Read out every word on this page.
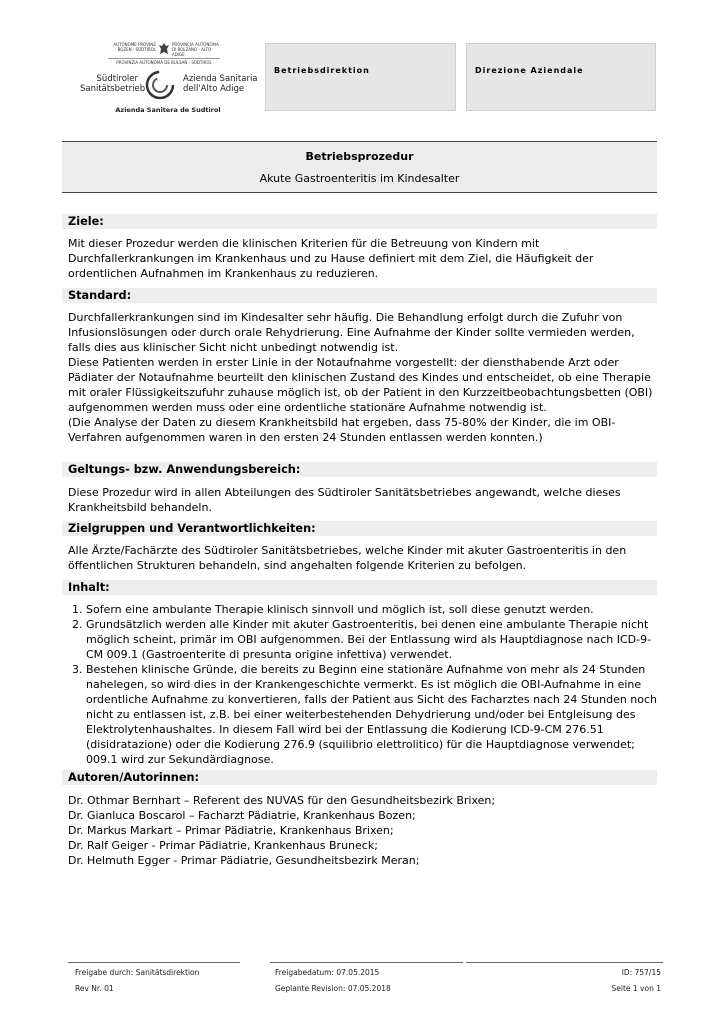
AUTONOME PROVINZ BOZEN - SÜDTIROL
PROVINCIA AUTONOMA DI BOLZANO - ALTO ADIGE
PROVINZIA AUTONOMA DE BULSAN - SÜDTIROL
Südtiroler Sanitätsbetrieb
Azienda Sanitaria dell'Alto Adige
Azienda Sanitera de Sudtirol
Betriebsdirektion	Direzione Aziendale
Betriebsprozedur
Akute Gastroenteritis im Kindesalter
Ziele:

Mit dieser Prozedur werden die klinischen Kriterien für die Betreuung von Kindern mit Durchfallerkrankungen im Krankenhaus und zu Hause definiert mit dem Ziel, die Häufigkeit der ordentlichen Aufnahmen im Krankenhaus zu reduzieren.

Standard:

Durchfallerkrankungen sind im Kindesalter sehr häufig. Die Behandlung erfolgt durch die Zufuhr von Infusionslösungen oder durch orale Rehydrierung. Eine Aufnahme der Kinder sollte vermieden werden, falls dies aus klinischer Sicht nicht unbedingt notwendig ist.

Diese Patienten werden in erster Linie in der Notaufnahme vorgestellt: der diensthabende Arzt oder Pädiater der Notaufnahme beurteilt den klinischen Zustand des Kindes und entscheidet, ob eine Therapie mit oraler Flüssigkeitszufuhr zuhause möglich ist, ob der Patient in den Kurzzeitbeobachtungsbetten (OBI) aufgenommen werden muss oder eine ordentliche stationäre Aufnahme notwendig ist.

(Die Analyse der Daten zu diesem Krankheitsbild hat ergeben, dass 75-80% der Kinder, die im OBI-Verfahren aufgenommen waren in den ersten 24 Stunden entlassen werden konnten.)

Geltungs- bzw. Anwendungsbereich:

Diese Prozedur wird in allen Abteilungen des Südtiroler Sanitätsbetriebes angewandt, welche dieses Krankheitsbild behandeln.

Zielgruppen und Verantwortlichkeiten:

Alle Ärzte/Fachärzte des Südtiroler Sanitätsbetriebes, welche Kinder mit akuter Gastroenteritis in den öffentlichen Strukturen behandeln, sind angehalten folgende Kriterien zu befolgen.

Inhalt:
1. Sofern eine ambulante Therapie klinisch sinnvoll und möglich ist, soll diese genutzt werden.
2. Grundsätzlich werden alle Kinder mit akuter Gastroenteritis, bei denen eine ambulante Therapie nicht möglich scheint, primär im OBI aufgenommen. Bei der Entlassung wird als Hauptdiagnose nach ICD-9-CM 009.1 (Gastroenterite di presunta origine infettiva) verwendet.
3. Bestehen klinische Gründe, die bereits zu Beginn eine stationäre Aufnahme von mehr als 24 Stunden nahelegen, so wird dies in der Krankengeschichte vermerkt. Es ist möglich die OBI-Aufnahme in eine ordentliche Aufnahme zu konvertieren, falls der Patient aus Sicht des Facharztes nach 24 Stunden noch nicht zu entlassen ist, z.B. bei einer weiterbestehenden Dehydrierung und/oder bei Entgleisung des Elektrolytenhaushaltes. In diesem Fall wird bei der Entlassung die Kodierung ICD-9-CM 276.51 (disidratazione) oder die Kodierung 276.9 (squilibrio elettrolitico) für die Hauptdiagnose verwendet; 009.1 wird zur Sekundärdiagnose.
Autoren/Autorinnen:

Dr. Othmar Bernhart – Referent des NUVAS für den Gesundheitsbezirk Brixen;

Dr. Gianluca Boscarol – Facharzt Pädiatrie, Krankenhaus Bozen;

Dr. Markus Markart – Primar Pädiatrie, Krankenhaus Brixen;

Dr. Ralf Geiger - Primar Pädiatrie, Krankenhaus Bruneck;

Dr. Helmuth Egger - Primar Pädiatrie, Gesundheitsbezirk Meran;

Freigabe durch: Sanitätsdirektion
Rev Nr. 01
Freigabedatum: 07.05.2015
Geplante Revision: 07.05.2018
ID: 757/15
Seite 1 von 1
